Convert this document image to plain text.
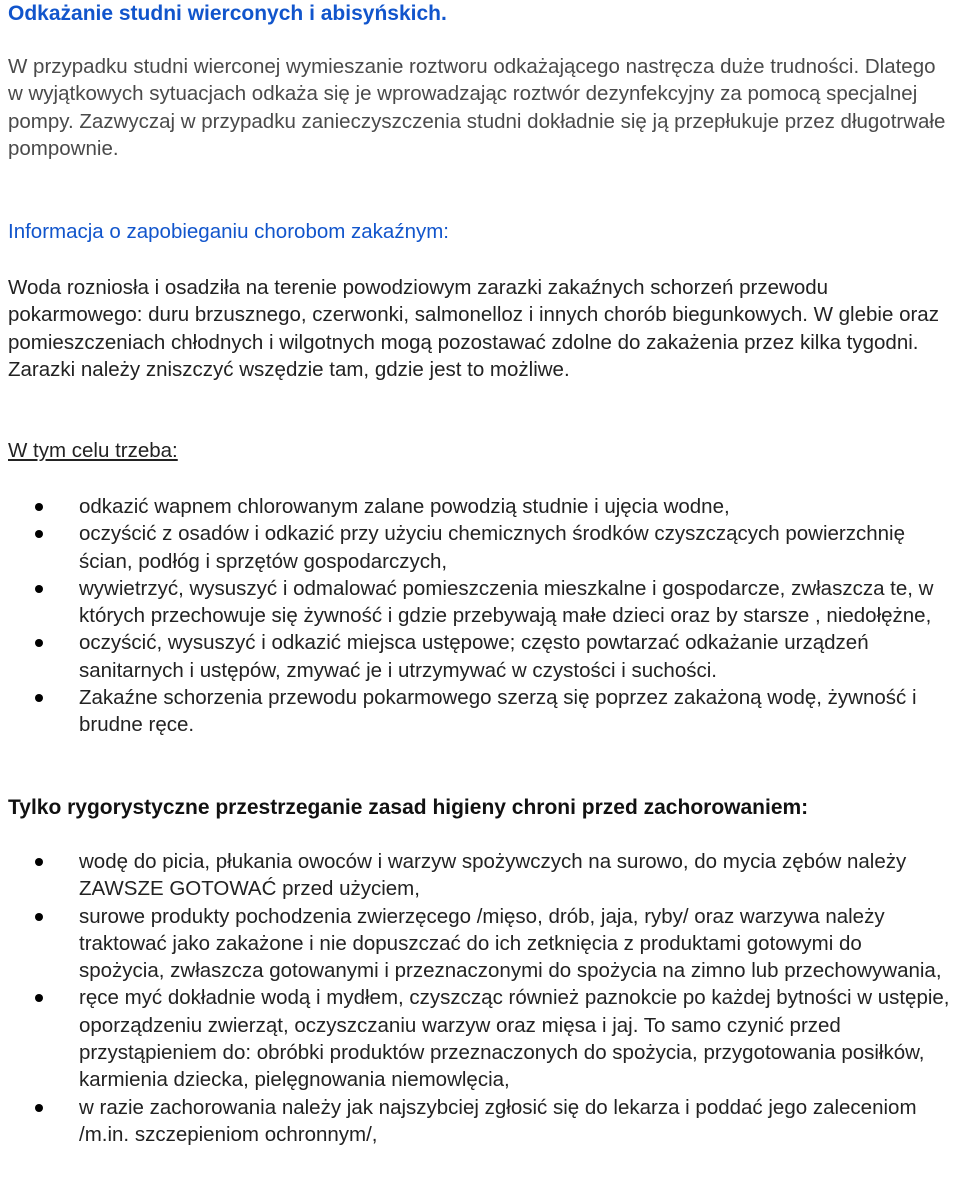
Odkażanie studni wierconych i abisyńskich.

W przypadku studni wierconej wymieszanie roztworu odkażającego nastręcza duże trudności. Dlatego w wyjątkowych sytuacjach odkaża się je wprowadzając roztwór dezynfekcyjny za pomocą specjalnej pompy. Zazwyczaj w przypadku zanieczyszczenia studni dokładnie się ją przepłukuje przez długotrwałe pompownie.

Informacja o zapobieganiu chorobom zakaźnym:

Woda rozniosła i osadziła na terenie powodziowym zarazki zakaźnych schorzeń przewodu pokarmowego: duru brzusznego, czerwonki, salmonelloz i innych chorób biegunkowych. W glebie oraz pomieszczeniach chłodnych i wilgotnych mogą pozostawać zdolne do zakażenia przez kilka tygodni. Zarazki należy zniszczyć wszędzie tam, gdzie jest to możliwe.

W tym celu trzeba:

odkazić wapnem chlorowanym zalane powodzią studnie i ujęcia wodne,
oczyścić z osadów i odkazić przy użyciu chemicznych środków czyszczących powierzchnię ścian, podłóg i sprzętów gospodarczych,
wywietrzyć, wysuszyć i odmalować pomieszczenia mieszkalne i gospodarcze, zwłaszcza te, w których przechowuje się żywność i gdzie przebywają małe dzieci oraz by starsze , niedołężne,
oczyścić, wysuszyć i odkazić miejsca ustępowe; często powtarzać odkażanie urządzeń sanitarnych i ustępów, zmywać je i utrzymywać w czystości i suchości.
Zakaźne schorzenia przewodu pokarmowego szerzą się poprzez zakażoną wodę, żywność i brudne ręce.
Tylko rygorystyczne przestrzeganie zasad higieny chroni przed zachorowaniem:
wodę do picia, płukania owoców i warzyw spożywczych na surowo, do mycia zębów należy ZAWSZE GOTOWAĆ przed użyciem,
surowe produkty pochodzenia zwierzęcego /mięso, drób, jaja, ryby/ oraz warzywa należy traktować jako zakażone i nie dopuszczać do ich zetknięcia z produktami gotowymi do spożycia, zwłaszcza gotowanymi i przeznaczonymi do spożycia na zimno lub przechowywania,
ręce myć dokładnie wodą i mydłem, czyszcząc również paznokcie po każdej bytności w ustępie, oporządzeniu zwierząt, oczyszczaniu warzyw oraz mięsa i jaj. To samo czynić przed przystąpieniem do: obróbki produktów przeznaczonych do spożycia, przygotowania posiłków, karmienia dziecka, pielęgnowania niemowlęcia,
w razie zachorowania należy jak najszybciej zgłosić się do lekarza i poddać jego zaleceniom /m.in. szczepieniom ochronnym/,
